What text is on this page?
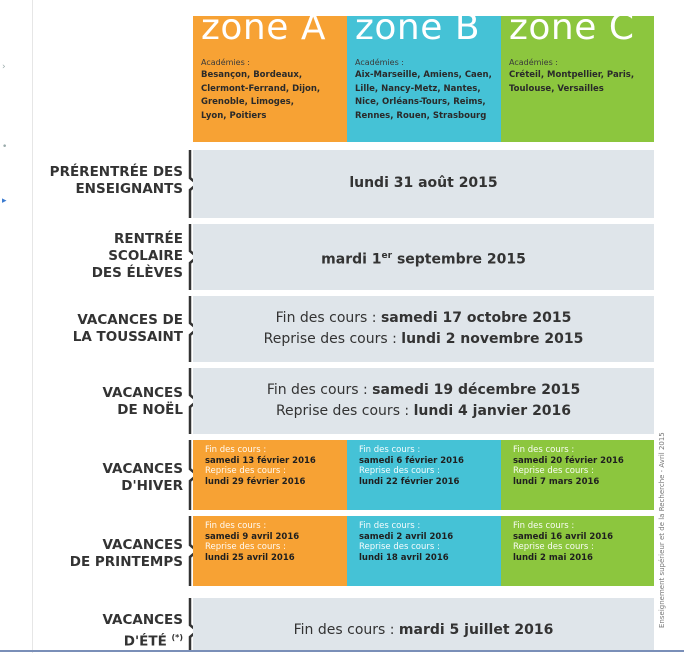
›
•
▸
zone A
Académies :
Besançon, Bordeaux,
Clermont-Ferrand, Dijon,
Grenoble, Limoges,
Lyon, Poitiers
zone B
Académies :
Aix-Marseille, Amiens, Caen,
Lille, Nancy-Metz, Nantes,
Nice, Orléans-Tours, Reims,
Rennes, Rouen, Strasbourg
zone C
Académies :
Créteil, Montpellier, Paris,
Toulouse, Versailles
PRÉRENTRÉE DES
ENSEIGNANTS	lundi 31 août 2015
RENTRÉE
SCOLAIRE
DES ÉLÈVES
mardi 1er septembre 2015
VACANCES DE
LA TOUSSAINT
Fin des cours : samedi 17 octobre 2015
Reprise des cours : lundi 2 novembre 2015
VACANCES
DE NOËL
Fin des cours : samedi 19 décembre 2015
Reprise des cours : lundi 4 janvier 2016
VACANCES
D'HIVER
Fin des cours :
samedi 13 février 2016
Reprise des cours :
lundi 29 février 2016
Fin des cours :
samedi 6 février 2016
Reprise des cours :
lundi 22 février 2016
Fin des cours :
samedi 20 février 2016
Reprise des cours :
lundi 7 mars 2016
VACANCES
DE PRINTEMPS
Fin des cours :
samedi 9 avril 2016
Reprise des cours :
lundi 25 avril 2016
Fin des cours :
samedi 2 avril 2016
Reprise des cours :
lundi 18 avril 2016
Fin des cours :
samedi 16 avril 2016
Reprise des cours :
lundi 2 mai 2016
VACANCES
D'ÉTÉ (*)	Fin des cours : mardi 5 juillet 2016
Enseignement supérieur et de la Recherche - Avril 2015
